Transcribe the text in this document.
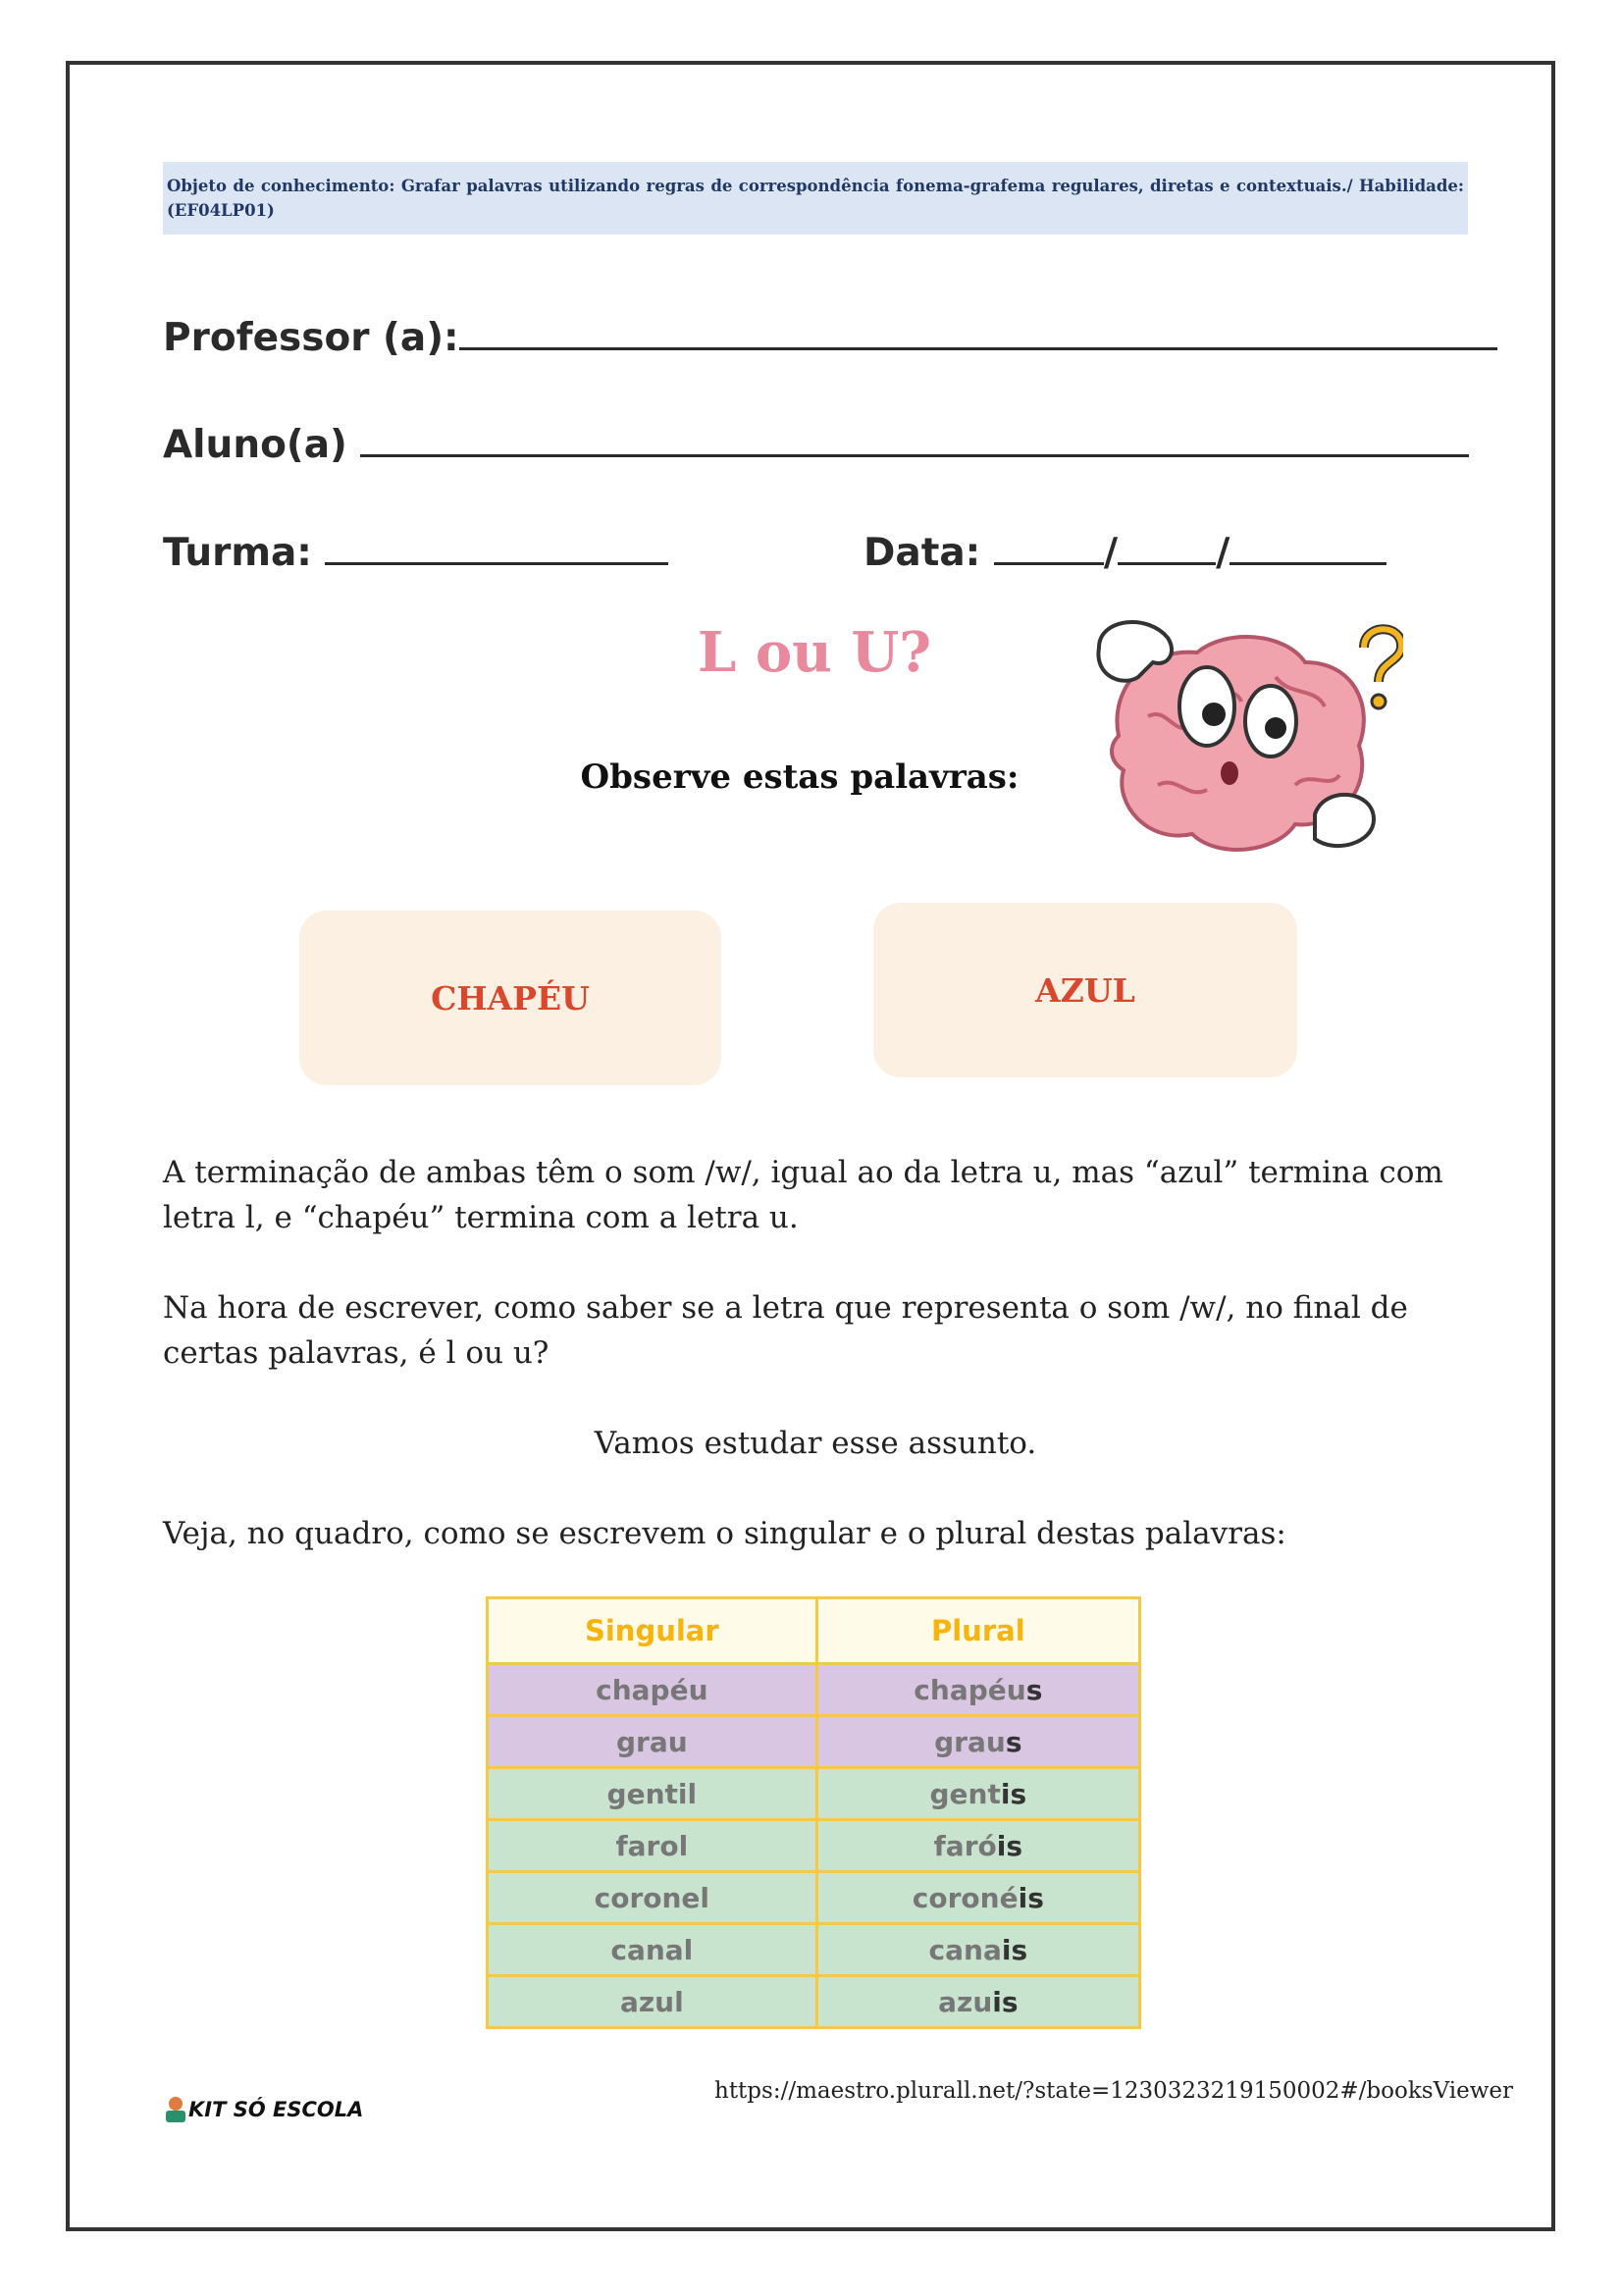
Objeto de conhecimento: Grafar palavras utilizando regras de correspondência fonema-grafema regulares, diretas e contextuais./ Habilidade: (EF04LP01)
Professor (a):
Aluno(a)
Turma:	Data:	/	/
L ou U?
Observe estas palavras:
CHAPÉU	AZUL
A terminação de ambas têm o som /w/, igual ao da letra u, mas “azul” termina com letra l, e “chapéu” termina com a letra u.
Na hora de escrever, como saber se a letra que representa o som /w/, no final de certas palavras, é l ou u?
Vamos estudar esse assunto.
Veja, no quadro, como se escrevem o singular e o plural destas palavras:
Singular	Plural
chapéu	chapéus
grau	graus
gentil	gentis
farol	faróis
coronel	coronéis
canal	canais
azul	azuis
KIT SÓ ESCOLA
https://maestro.plurall.net/?state=1230323219150002#/booksViewer
